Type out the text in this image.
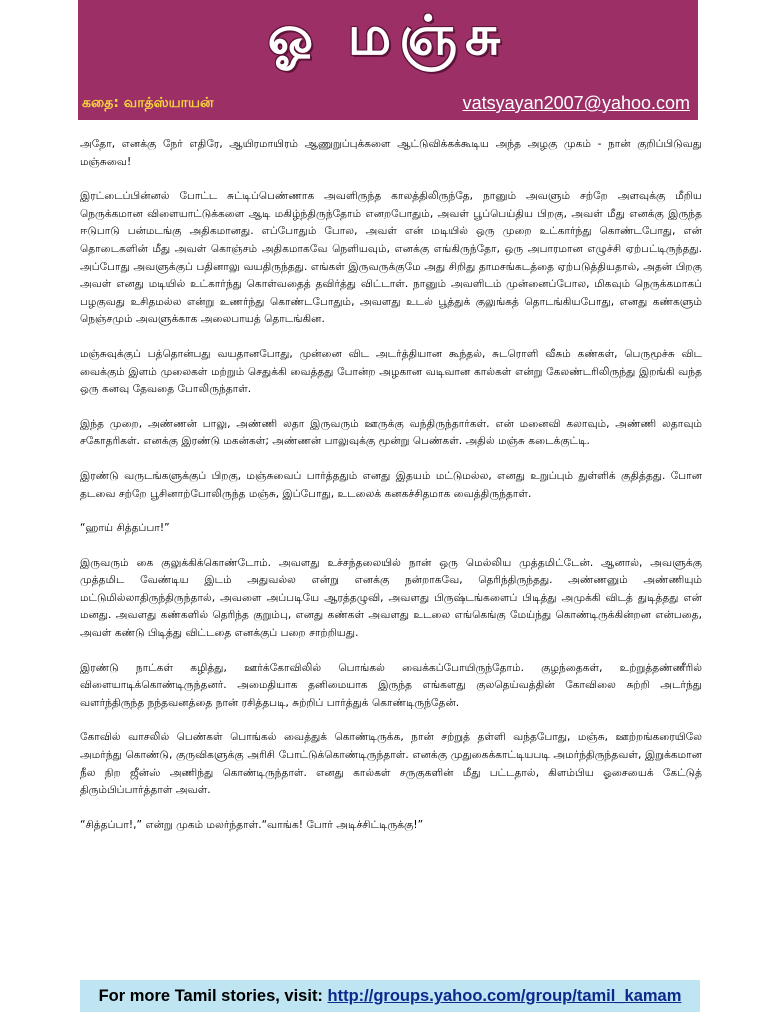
ஓ மஞ்சு
கதை: வாத்ஸ்யாயன்	vatsyayan2007@yahoo.com

அதோ, எனக்கு நேர் எதிரே, ஆயிரமாயிரம் ஆணுறுப்புக்களை ஆட்டுவிக்கக்கூடிய அந்த அழகு முகம் - நான் குறிப்பிடுவது மஞ்சுவை!

இரட்டைப்பின்னல் போட்ட சுட்டிப்பெண்ணாக அவளிருந்த காலத்திலிருந்தே, நானும் அவளும் சற்றே அளவுக்கு மீறிய நெருக்கமான விளையாட்டுக்களை ஆடி மகிழ்ந்திருந்தோம் எனறபோதும், அவள் பூப்பெய்திய பிறகு, அவள் மீது எனக்கு இருந்த ஈடுபாடு பன்மடங்கு அதிகமானது. எப்போதும் போல, அவள் என் மடியில் ஒரு முறை உட்கார்ந்து கொண்டபோது, என் தொடைகளின் மீது அவள் கொஞ்சம் அதிகமாகவே நெளியவும், எனக்கு எங்கிருந்தோ, ஒரு அபாரமான எழுச்சி ஏற்பட்டிருந்தது. அப்போது அவளுக்குப் பதினாலு வயதிருந்தது. எங்கள் இருவருக்குமே அது சிறிது தாமசங்கடத்தை ஏற்படுத்தியதால், அதன் பிறகு அவள் எனது மடியில் உட்கார்ந்து கொள்வதைத் தவிர்த்து விட்டாள். நானும் அவளிடம் முன்னைப்போல, மிகவும் நெருக்கமாகப் பழகுவது உசிதமல்ல என்று உணர்ந்து கொண்டபோதும், அவளது உடல் பூத்துக் குலுங்கத் தொடங்கியபோது, எனது கண்களும் நெஞ்சமும் அவளுக்காக அலைபாயத் தொடங்கின.

மஞ்சுவுக்குப் பத்தொன்பது வயதானபோது, முன்னை விட அடர்த்தியான கூந்தல், சுடரொளி வீசும் கண்கள், பெருமூச்சு விட வைக்கும் இளம் முலைகள் மற்றும் செதுக்கி வைத்தது போன்ற அழகான வடிவான கால்கள் என்று கேலண்டரிலிருந்து இறங்கி வந்த ஒரு கனவு தேவதை போலிருந்தாள்.

இந்த முறை, அண்ணன் பாலு, அண்ணி லதா இருவரும் ஊருக்கு வந்திருந்தார்கள். என் மனைவி கலாவும், அண்ணி லதாவும் சகோதரிகள். எனக்கு இரண்டு மகன்கள்; அண்ணன் பாலுவுக்கு மூன்று பெண்கள். அதில் மஞ்சு கடைக்குட்டி.

இரண்டு வருடங்களுக்குப் பிறகு, மஞ்சுவைப் பார்த்ததும் எனது இதயம் மட்டுமல்ல, எனது உறுப்பும் துள்ளிக் குதித்தது. போன தடவை சற்றே பூசினாற்போலிருந்த மஞ்சு, இப்போது, உடலைக் கனகச்சிதமாக வைத்திருந்தாள்.

“ஹாய் சித்தப்பா!”

இருவரும் கை குலுக்கிக்கொண்டோம். அவளது உச்சந்தலையில் நான் ஒரு மெல்லிய முத்தமிட்டேன். ஆனால், அவளுக்கு முத்தமிட வேண்டிய இடம் அதுவல்ல என்று எனக்கு நன்றாகவே, தெரிந்திருந்தது. அண்ணனும் அண்ணியும் மட்டுமில்லாதிருந்திருந்தால், அவளை அப்படியே ஆரத்தழுவி, அவளது பிருஷ்டங்களைப் பிடித்து அமுக்கி விடத் துடித்தது என் மனது. அவளது கண்களில் தெரிந்த குறும்பு, எனது கண்கள் அவளது உடலை எங்கெங்கு மேய்ந்து கொண்டிருக்கின்றன என்பதை, அவள் கண்டு பிடித்து விட்டதை எனக்குப் பறை சாற்றியது.

இரண்டு நாட்கள் கழித்து, ஊர்க்கோவிலில் பொங்கல் வைக்கப்போயிருந்தோம். குழந்தைகள், உற்றுத்தண்ணீரில் விளையாடிக்கொண்டிருந்தனர். அமைதியாக தனிமையாக இருந்த எங்களது குலதெய்வத்தின் கோவிலை சுற்றி அடர்ந்து வளர்ந்திருந்த நந்தவனத்தை நான் ரசித்தபடி, சுற்றிப் பார்த்துக் கொண்டிருந்தேன்.

கோவில் வாசலில் பெண்கள் பொங்கல் வைத்துக் கொண்டிருக்க, நான் சற்றுத் தள்ளி வந்தபோது, மஞ்சு, ஊற்றங்கரையிலே அமர்ந்து கொண்டு, குருவிகளுக்கு அரிசி போட்டுக்கொண்டிருந்தாள். எனக்கு முதுகைக்காட்டியபடி அமர்ந்திருந்தவள், இறுக்கமான நீல நிற ஜீன்ஸ் அணிந்து கொண்டிருந்தாள். எனது கால்கள் சருகுகளின் மீது பட்டதால், கிளம்பிய ஓசையைக் கேட்டுத் திரும்பிப்பார்த்தாள் அவள்.

“சித்தப்பா!,” என்று முகம் மலர்ந்தாள்.“வாங்க! போர் அடிச்சிட்டிருக்கு!”

For more Tamil stories, visit: http://groups.yahoo.com/group/tamil_kamam
